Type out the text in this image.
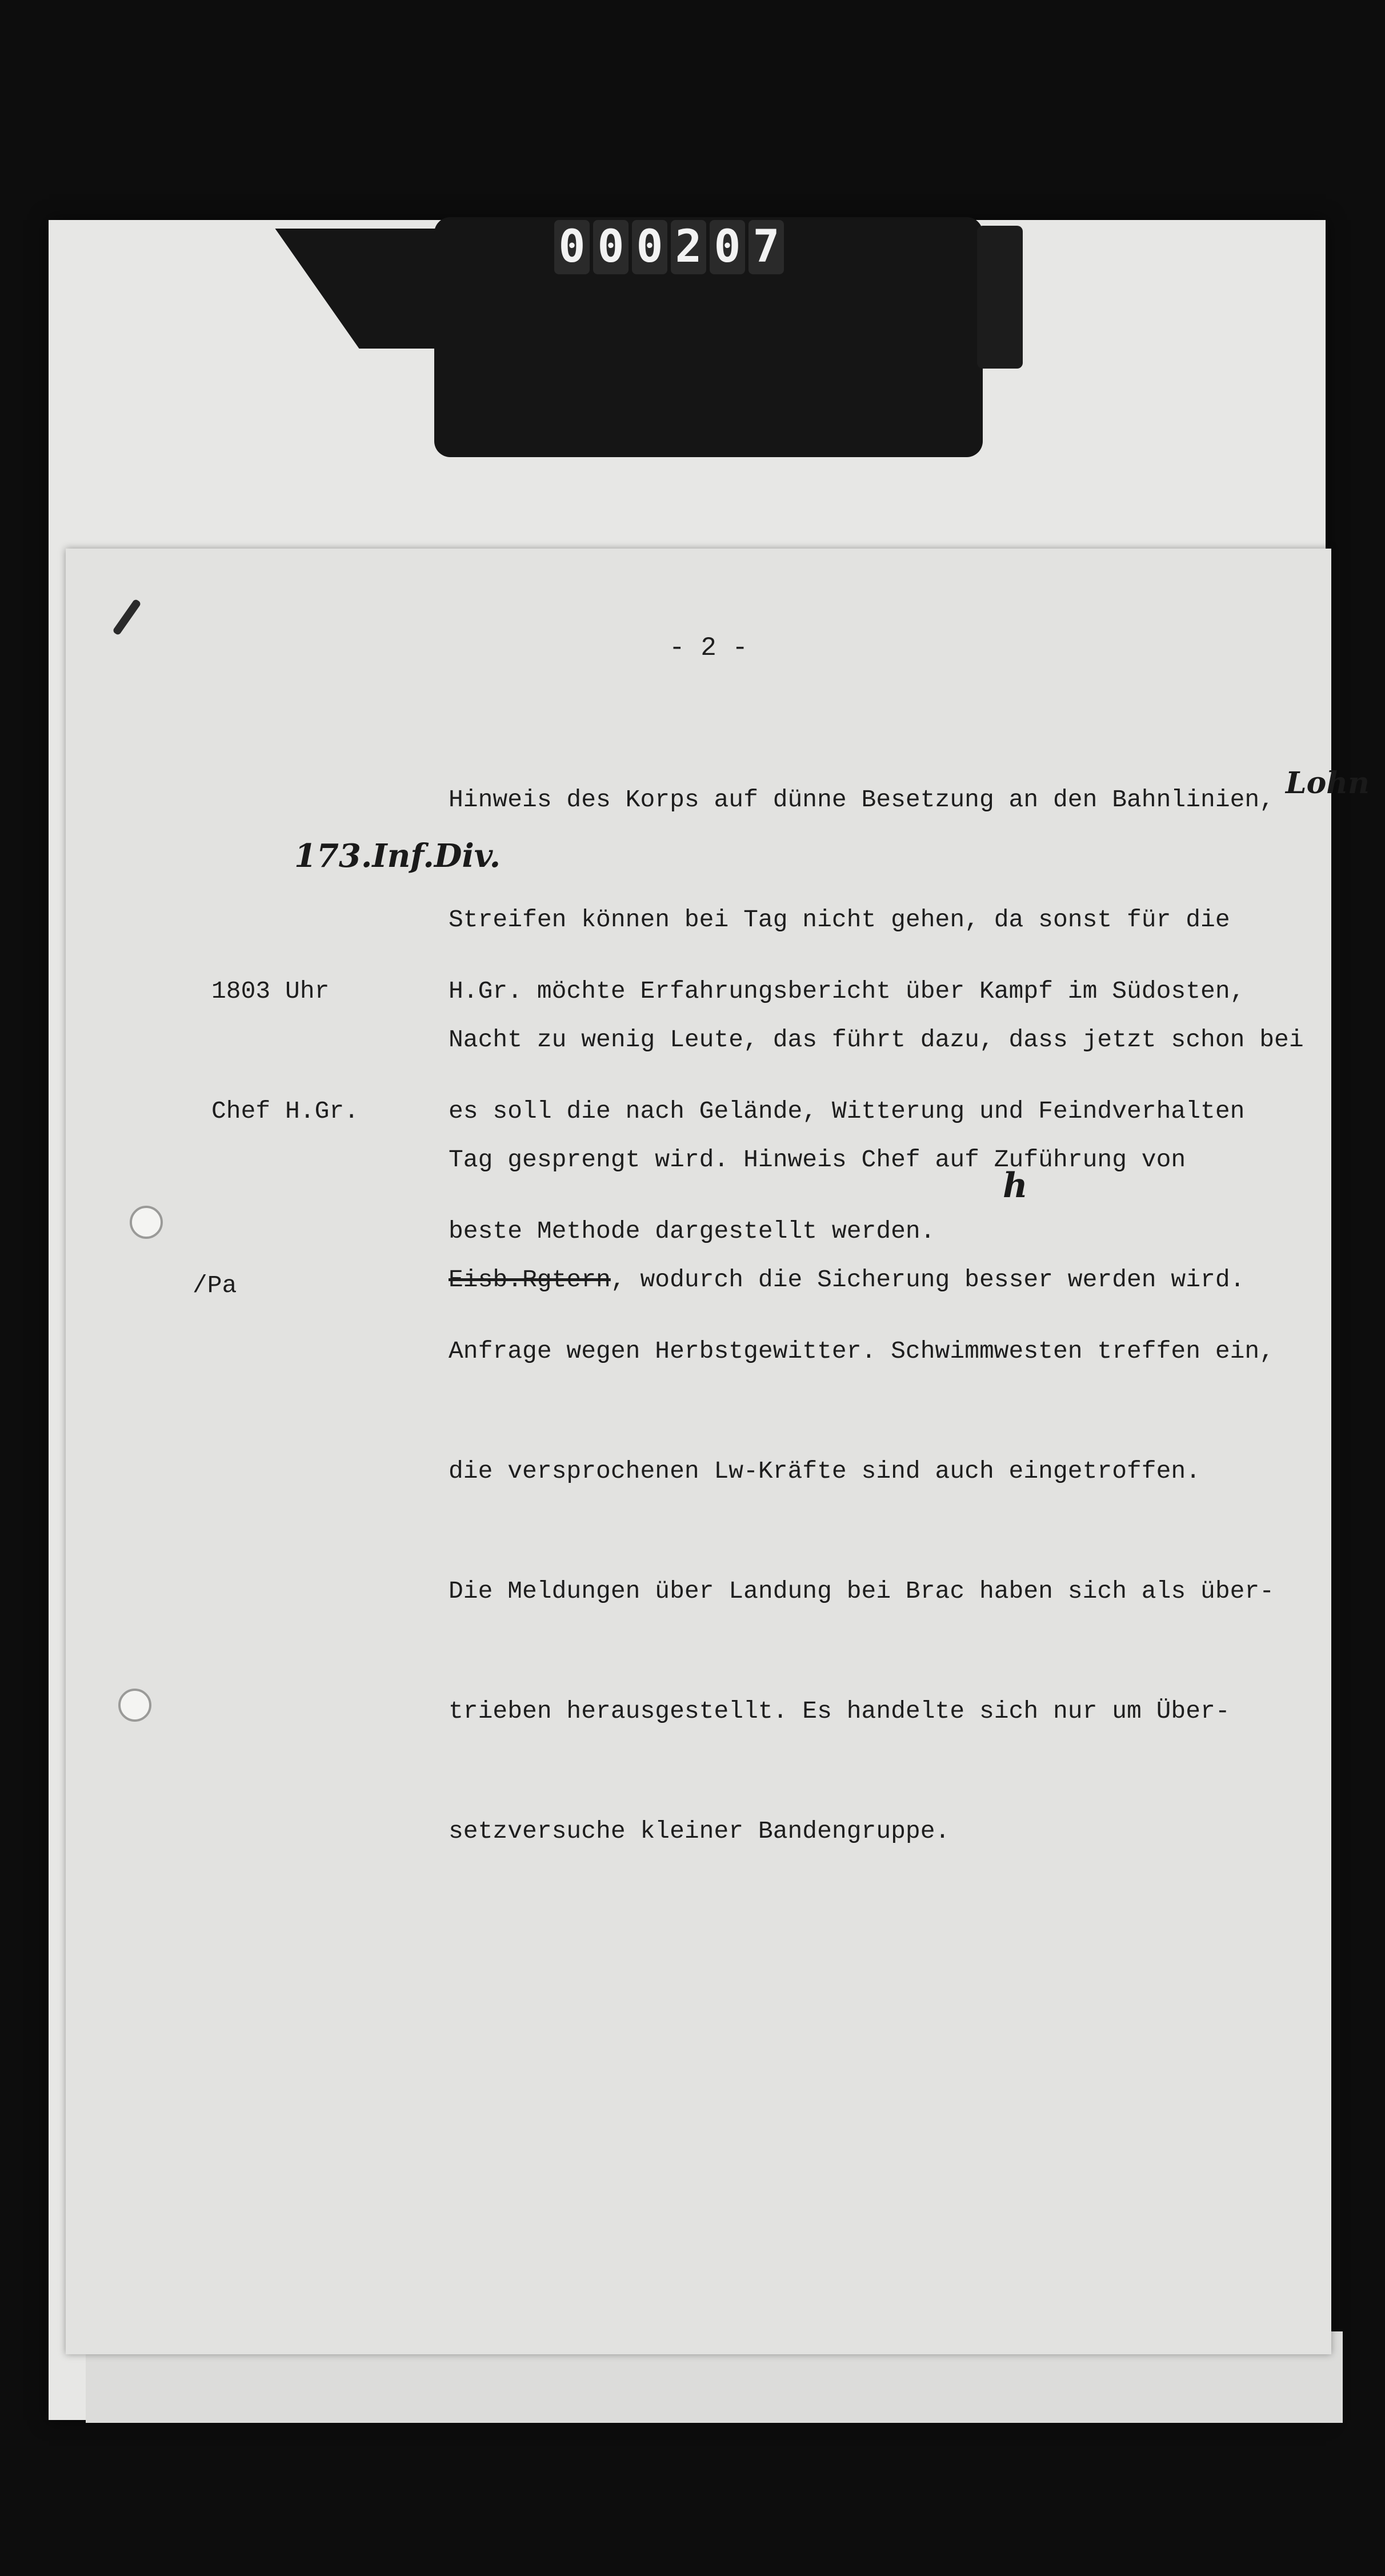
0 0 0 2 0 7
- 2 -

Hinweis des Korps auf dünne Besetzung an den Bahnlinien,

Streifen können bei Tag nicht gehen, da sonst für die

Nacht zu wenig Leute, das führt dazu, dass jetzt schon bei

Tag gesprengt wird. Hinweis Chef auf Zuführung von

Eisb.Rgtern, wodurch die Sicherung besser werden wird.

Lohn
173.Inf.Div.

1803 Uhr

Chef H.Gr.

H.Gr. möchte Erfahrungsbericht über Kampf im Südosten,

es soll die nach Gelände, Witterung und Feindverhalten

beste Methode dargestellt werden.

Anfrage wegen Herbstgewitter. Schwimmwesten treffen ein,

die versprochenen Lw-Kräfte sind auch eingetroffen.

Die Meldungen über Landung bei Brac haben sich als über-

trieben herausgestellt. Es handelte sich nur um Über-

setzversuche kleiner Bandengruppe.

h
/Pa
